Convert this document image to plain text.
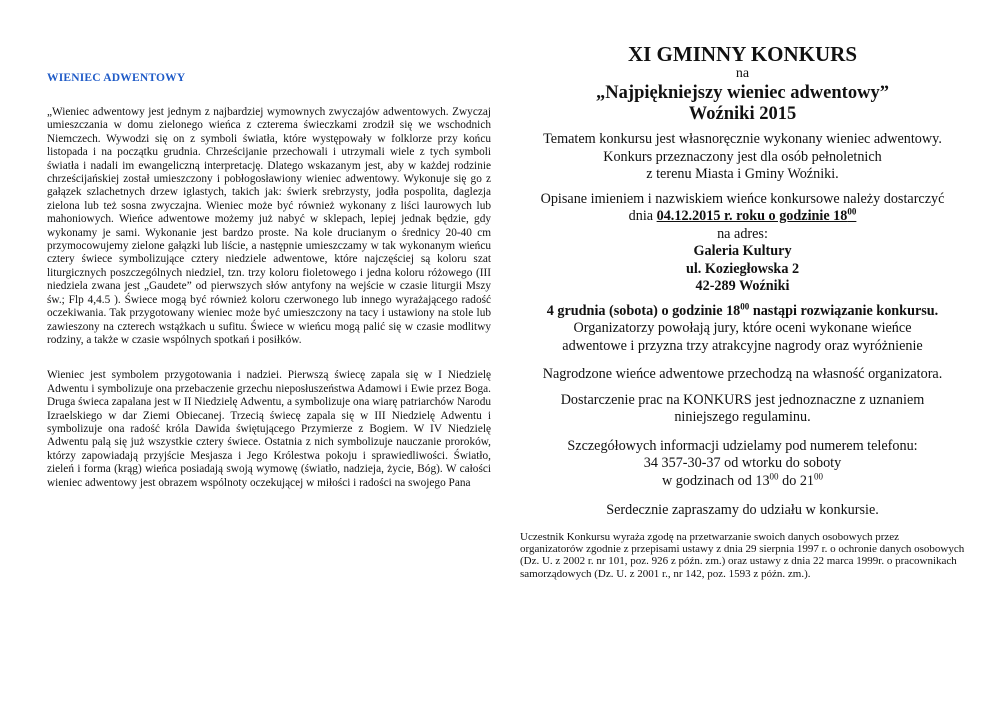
WIENIEC ADWENTOWY

„Wieniec adwentowy jest jednym z najbardziej wymownych zwyczajów adwentowych. Zwyczaj umieszczania w domu zielonego wieńca z czterema świeczkami zrodził się we wschodnich Niemczech. Wywodzi się on z symboli światła, które występowały w folklorze przy końcu listopada i na początku grudnia. Chrześcijanie przechowali i utrzymali wiele z tych symboli światła i nadali im ewangeliczną interpretację. Dlatego wskazanym jest, aby w każdej rodzinie chrześcijańskiej został umieszczony i pobłogosławiony wieniec adwentowy. Wykonuje się go z gałązek szlachetnych drzew iglastych, takich jak: świerk srebrzysty, jodła pospolita, daglezja zielona lub też sosna zwyczajna. Wieniec może być również wykonany z liści laurowych lub mahoniowych. Wieńce adwentowe możemy już nabyć w sklepach, lepiej jednak będzie, gdy wykonamy je sami. Wykonanie jest bardzo proste. Na kole drucianym o średnicy 20-40 cm przymocowujemy zielone gałązki lub liście, a następnie umieszczamy w tak wykonanym wieńcu cztery świece symbolizujące cztery niedziele adwentowe, które najczęściej są koloru szat liturgicznych poszczególnych niedziel, tzn. trzy koloru fioletowego i jedna koloru różowego (III niedziela zwana jest „Gaudete” od pierwszych słów antyfony na wejście w czasie liturgii Mszy św.; Flp 4,4.5 ). Świece mogą być również koloru czerwonego lub innego wyrażającego radość oczekiwania. Tak przygotowany wieniec może być umieszczony na tacy i ustawiony na stole lub zawieszony na czterech wstążkach u sufitu. Świece w wieńcu mogą palić się w czasie modlitwy rodziny, a także w czasie wspólnych spotkań i posiłków.

Wieniec jest symbolem przygotowania i nadziei. Pierwszą świecę zapala się w I Niedzielę Adwentu i symbolizuje ona przebaczenie grzechu nieposłuszeństwa Adamowi i Ewie przez Boga. Druga świeca zapalana jest w II Niedzielę Adwentu, a symbolizuje ona wiarę patriarchów Narodu Izraelskiego w dar Ziemi Obiecanej. Trzecią świecę zapala się w III Niedzielę Adwentu i symbolizuje ona radość króla Dawida świętującego Przymierze z Bogiem. W IV Niedzielę Adwentu palą się już wszystkie cztery świece. Ostatnia z nich symbolizuje nauczanie proroków, którzy zapowiadają przyjście Mesjasza i Jego Królestwa pokoju i sprawiedliwości. Światło, zieleń i forma (krąg) wieńca posiadają swoją wymowę (światło, nadzieja, życie, Bóg). W całości wieniec adwentowy jest obrazem wspólnoty oczekującej w miłości i radości na swojego Pana

XI GMINNY KONKURS
na
„Najpiękniejszy wieniec adwentowy”
Woźniki 2015

Tematem konkursu jest własnoręcznie wykonany wieniec adwentowy.

Konkurs przeznaczony jest dla osób pełnoletnich

z terenu Miasta i Gminy Woźniki.

Opisane imieniem i nazwiskiem wieńce konkursowe należy dostarczyć

dnia 04.12.2015 r. roku o godzinie $18^{00}$

na adres:

Galeria Kultury

ul. Koziegłowska 2

42-289 Woźniki

4 grudnia (sobota) o godzinie $18^{00}$ nastąpi rozwiązanie konkursu.

Organizatorzy powołają jury, które oceni wykonane wieńce

adwentowe i przyzna trzy atrakcyjne nagrody oraz wyróżnienie

Nagrodzone wieńce adwentowe przechodzą na własność organizatora.

Dostarczenie prac na KONKURS jest jednoznaczne z uznaniem

niniejszego regulaminu.

Szczegółowych informacji udzielamy pod numerem telefonu:

34 357-30-37 od wtorku do soboty

w godzinach od $13^{00}$ do $21^{00}$

Serdecznie zapraszamy do udziału w konkursie.

Uczestnik Konkursu wyraża zgodę na przetwarzanie swoich danych osobowych przez organizatorów zgodnie z przepisami ustawy z dnia 29 sierpnia 1997 r. o ochronie danych osobowych (Dz. U. z 2002 r. nr 101, poz. 926 z późn. zm.) oraz ustawy z dnia 22 marca 1999r. o pracownikach samorządowych (Dz. U. z 2001 r., nr 142, poz. 1593 z późn. zm.).
